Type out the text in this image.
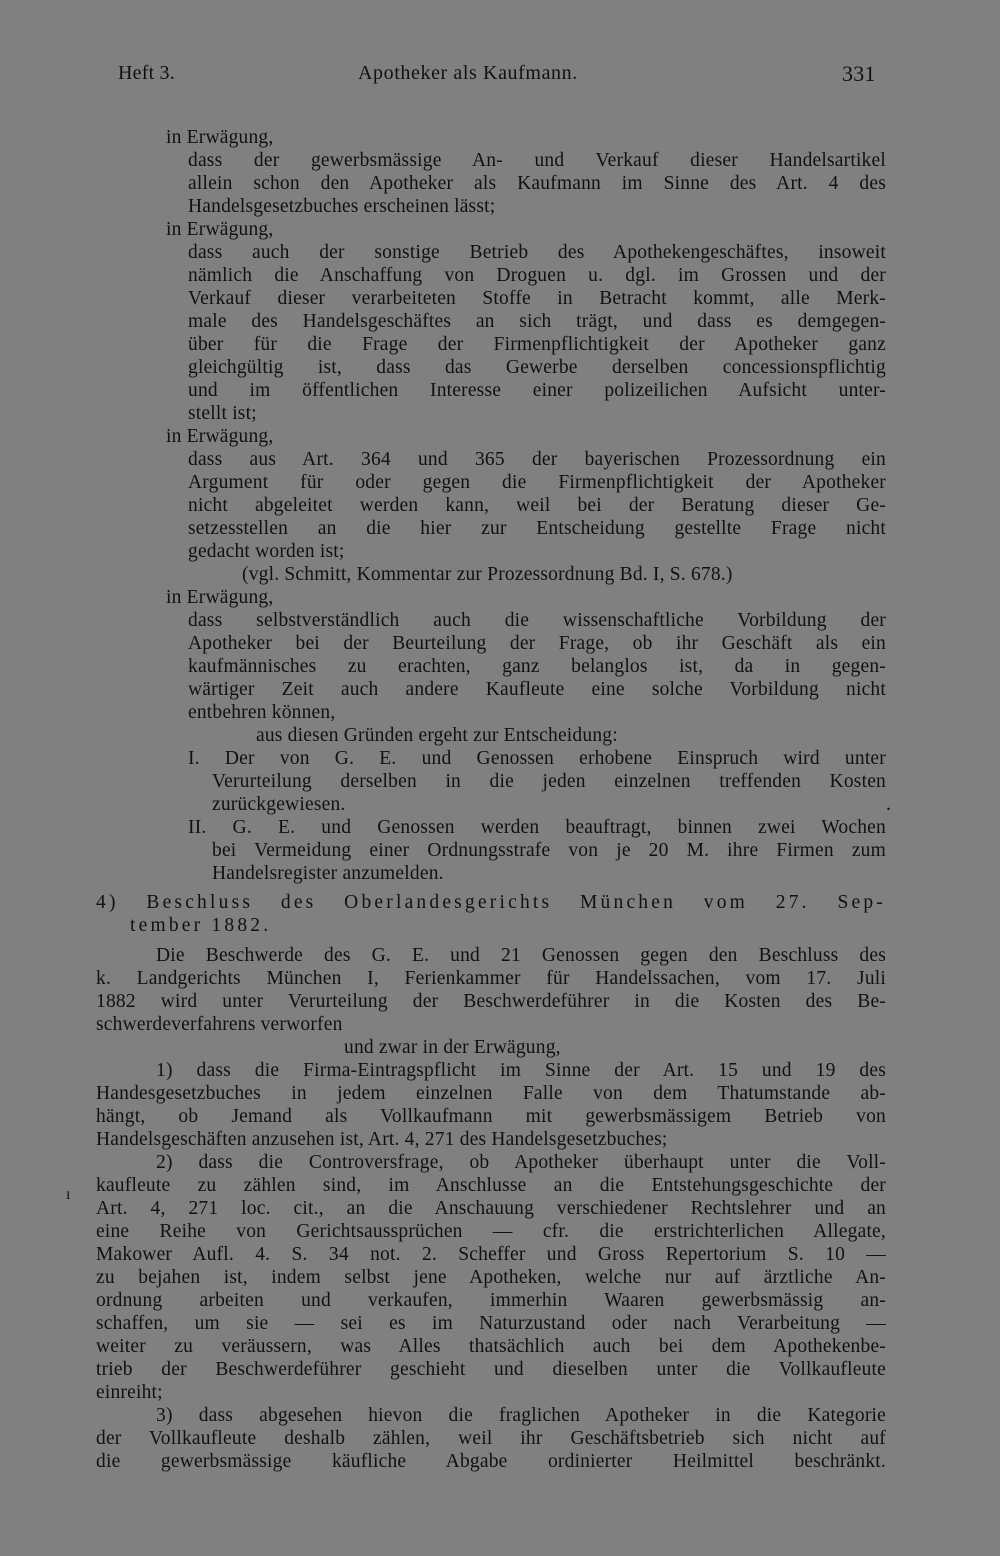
Heft 3.	Apotheker als Kaufmann.	331
in Erwägung,
dass der gewerbsmässige An- und Verkauf dieser Handelsartikel
allein schon den Apotheker als Kaufmann im Sinne des Art. 4 des
Handelsgesetzbuches erscheinen lässt;
in Erwägung,
dass auch der sonstige Betrieb des Apothekengeschäftes, insoweit
nämlich die Anschaffung von Droguen u. dgl. im Grossen und der
Verkauf dieser verarbeiteten Stoffe in Betracht kommt, alle Merk-
male des Handelsgeschäftes an sich trägt, und dass es demgegen-
über für die Frage der Firmenpflichtigkeit der Apotheker ganz
gleichgültig ist, dass das Gewerbe derselben concessionspflichtig
und im öffentlichen Interesse einer polizeilichen Aufsicht unter-
stellt ist;
in Erwägung,
dass aus Art. 364 und 365 der bayerischen Prozessordnung ein
Argument für oder gegen die Firmenpflichtigkeit der Apotheker
nicht abgeleitet werden kann, weil bei der Beratung dieser Ge-
setzesstellen an die hier zur Entscheidung gestellte Frage nicht
gedacht worden ist;
(vgl. Schmitt, Kommentar zur Prozessordnung Bd. I, S. 678.)
in Erwägung,
dass selbstverständlich auch die wissenschaftliche Vorbildung der
Apotheker bei der Beurteilung der Frage, ob ihr Geschäft als ein
kaufmännisches zu erachten, ganz belanglos ist, da in gegen-
wärtiger Zeit auch andere Kaufleute eine solche Vorbildung nicht
entbehren können,
aus diesen Gründen ergeht zur Entscheidung:
I. Der von G. E. und Genossen erhobene Einspruch wird unter
Verurteilung derselben in die jeden einzelnen treffenden Kosten
zurückgewiesen.
II. G. E. und Genossen werden beauftragt, binnen zwei Wochen
bei Vermeidung einer Ordnungsstrafe von je 20 M. ihre Firmen zum
Handelsregister anzumelden.
4) Beschluss des Oberlandesgerichts München vom 27. Sep-
tember 1882.
Die Beschwerde des G. E. und 21 Genossen gegen den Beschluss des
k. Landgerichts München I, Ferienkammer für Handelssachen, vom 17. Juli
1882 wird unter Verurteilung der Beschwerdeführer in die Kosten des Be-
schwerdeverfahrens verworfen
und zwar in der Erwägung,
1) dass die Firma-Eintragspflicht im Sinne der Art. 15 und 19 des
Handesgesetzbuches in jedem einzelnen Falle von dem Thatumstande ab-
hängt, ob Jemand als Vollkaufmann mit gewerbsmässigem Betrieb von
Handelsgeschäften anzusehen ist, Art. 4, 271 des Handelsgesetzbuches;
2) dass die Controversfrage, ob Apotheker überhaupt unter die Voll-
kaufleute zu zählen sind, im Anschlusse an die Entstehungsgeschichte der
Art. 4, 271 loc. cit., an die Anschauung verschiedener Rechtslehrer und an
eine Reihe von Gerichtsaussprüchen — cfr. die erstrichterlichen Allegate,
Makower Aufl. 4. S. 34 not. 2. Scheffer und Gross Repertorium S. 10 —
zu bejahen ist, indem selbst jene Apotheken, welche nur auf ärztliche An-
ordnung arbeiten und verkaufen, immerhin Waaren gewerbsmässig an-
schaffen, um sie — sei es im Naturzustand oder nach Verarbeitung —
weiter zu veräussern, was Alles thatsächlich auch bei dem Apothekenbe-
trieb der Beschwerdeführer geschieht und dieselben unter die Vollkaufleute
einreiht;
3) dass abgesehen hievon die fraglichen Apotheker in die Kategorie
der Vollkaufleute deshalb zählen, weil ihr Geschäftsbetrieb sich nicht auf
die gewerbsmässige käufliche Abgabe ordinierter Heilmittel beschränkt.
.
ı
